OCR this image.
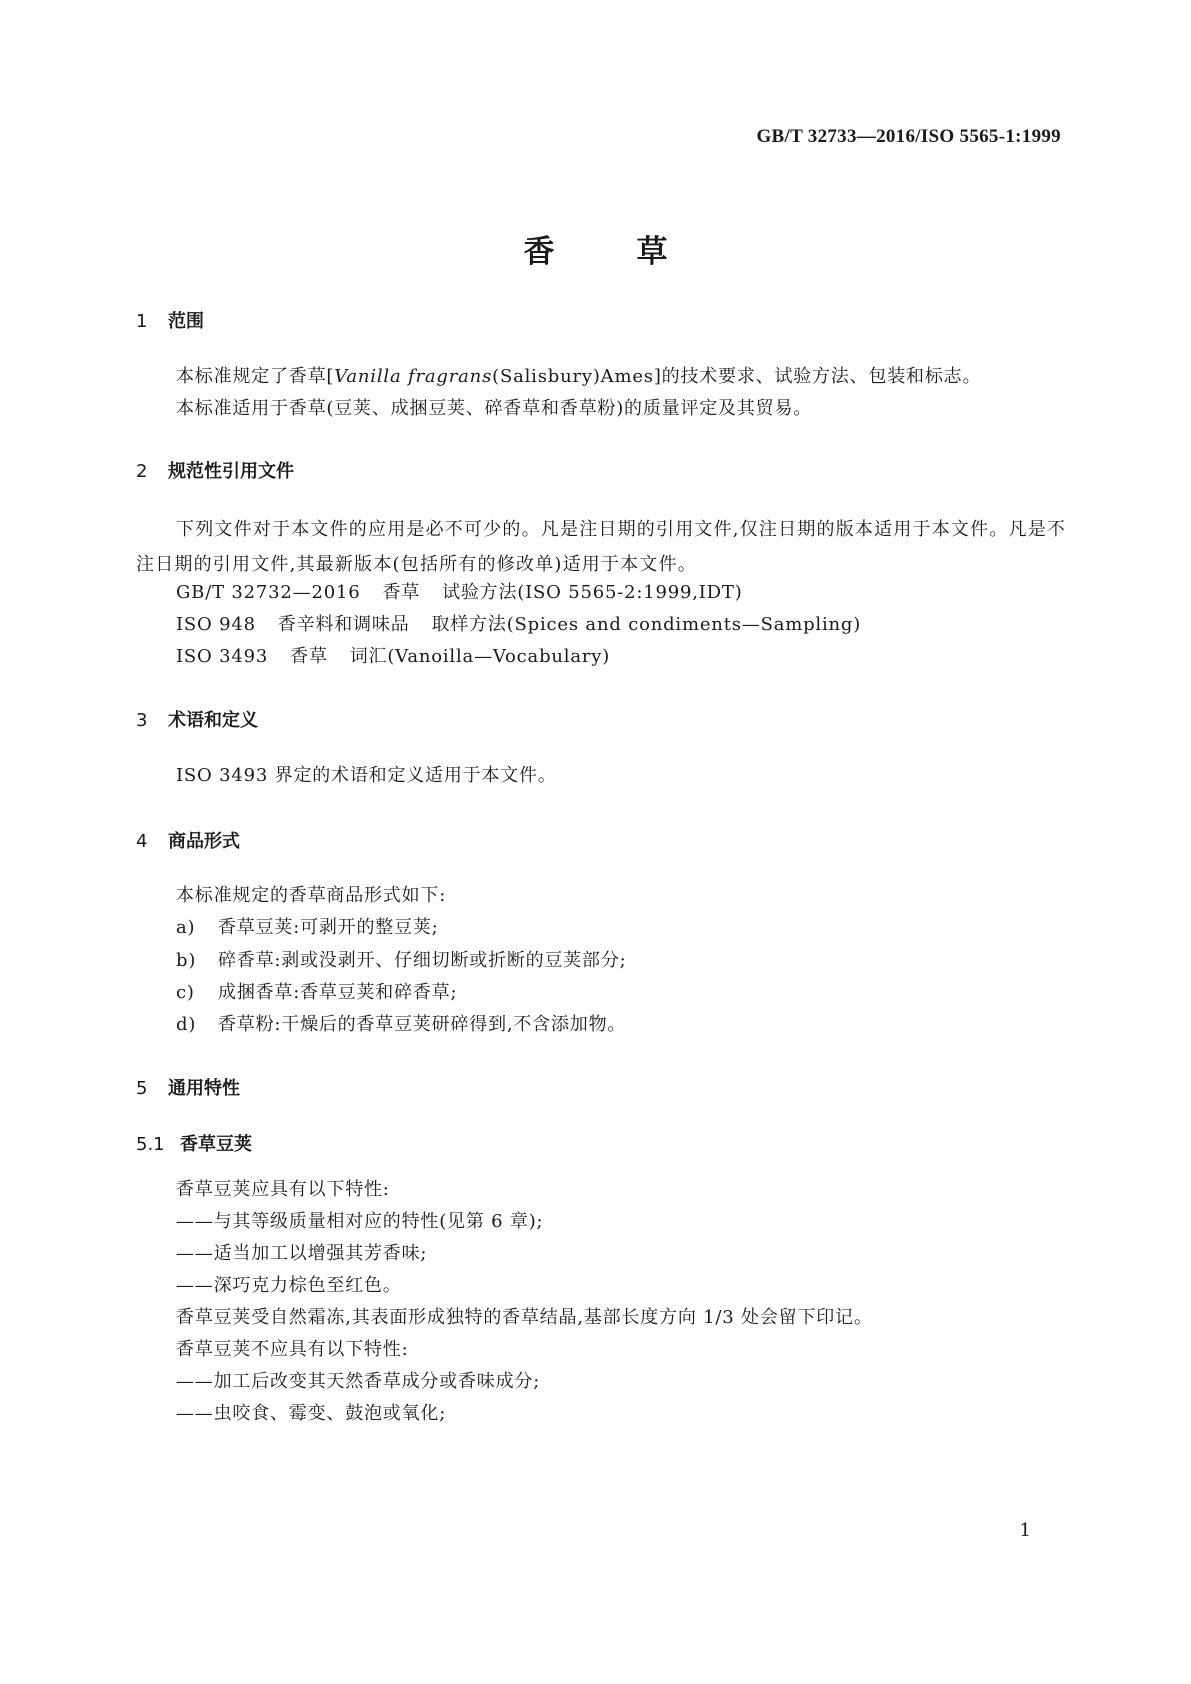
GB/T 32733—2016/ISO 5565-1:1999
香	草
1 范围
本标准规定了香草[Vanilla fragrans(Salisbury)Ames]的技术要求、试验方法、包装和标志。
本标准适用于香草(豆荚、成捆豆荚、碎香草和香草粉)的质量评定及其贸易。
2 规范性引用文件
下列文件对于本文件的应用是必不可少的。凡是注日期的引用文件,仅注日期的版本适用于本文件。凡是不注日期的引用文件,其最新版本(包括所有的修改单)适用于本文件。
GB/T 32732—2016 香草 试验方法(ISO 5565-2:1999,IDT)
ISO 948 香辛料和调味品 取样方法(Spices and condiments—Sampling)
ISO 3493 香草 词汇(Vanoilla—Vocabulary)
3 术语和定义
ISO 3493 界定的术语和定义适用于本文件。
4 商品形式
本标准规定的香草商品形式如下:
a) 香草豆荚:可剥开的整豆荚;
b) 碎香草:剥或没剥开、仔细切断或折断的豆荚部分;
c) 成捆香草:香草豆荚和碎香草;
d) 香草粉:干燥后的香草豆荚研碎得到,不含添加物。
5 通用特性
5.1 香草豆荚
香草豆荚应具有以下特性:
——与其等级质量相对应的特性(见第 6 章);
——适当加工以增强其芳香味;
——深巧克力棕色至红色。
香草豆荚受自然霜冻,其表面形成独特的香草结晶,基部长度方向 1/3 处会留下印记。
香草豆荚不应具有以下特性:
——加工后改变其天然香草成分或香味成分;
——虫咬食、霉变、鼓泡或氧化;
1
